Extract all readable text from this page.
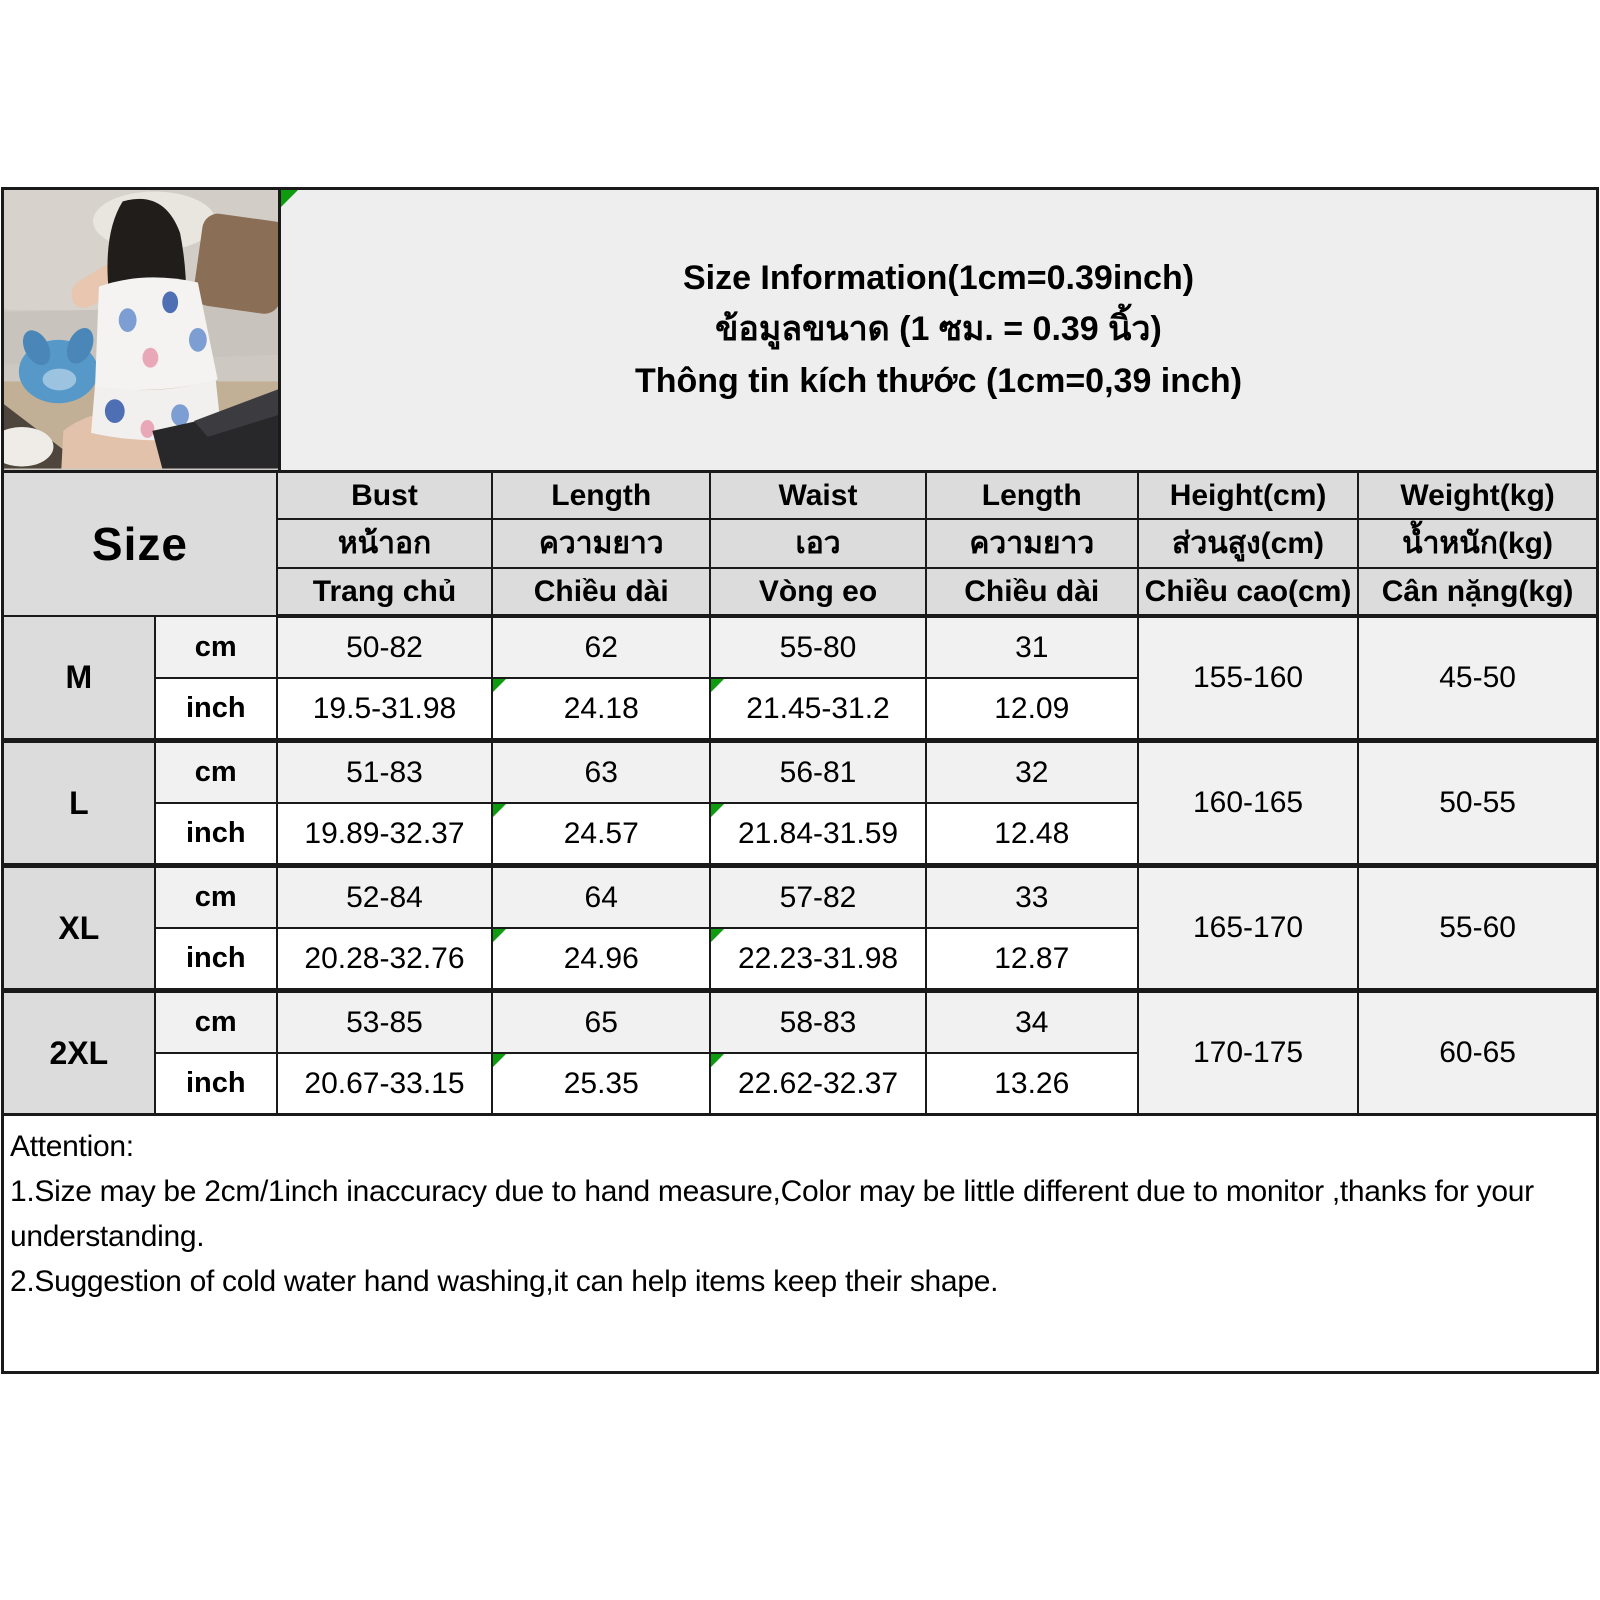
Size Information(1cm=0.39inch)
ข้อมูลขนาด (1 ซม. = 0.39 นิ้ว)
Thông tin kích thước (1cm=0,39 inch)
Size		Bust	Length	Waist	Length	Height(cm)	Weight(kg)
		หน้าอก	ความยาว	เอว	ความยาว	ส่วนสูง(cm)	น้ำหนัก(kg)
		Trang chủ	Chiều dài	Vòng eo	Chiều dài	Chiều cao(cm)	Cân nặng(kg)
M	cm	50-82	62	55-80	31	155-160	45-50
	inch	19.5-31.98	24.18	21.45-31.2	12.09		
L	cm	51-83	63	56-81	32	160-165	50-55
	inch	19.89-32.37	24.57	21.84-31.59	12.48		
XL	cm	52-84	64	57-82	33	165-170	55-60
	inch	20.28-32.76	24.96	22.23-31.98	12.87		
2XL	cm	53-85	65	58-83	34	170-175	60-65
	inch	20.67-33.15	25.35	22.62-32.37	13.26		

Attention:

1.Size may be 2cm/1inch inaccuracy due to hand measure,Color may be little different due to monitor ,thanks for your understanding.

2.Suggestion of cold water hand washing,it can help items keep their shape.
